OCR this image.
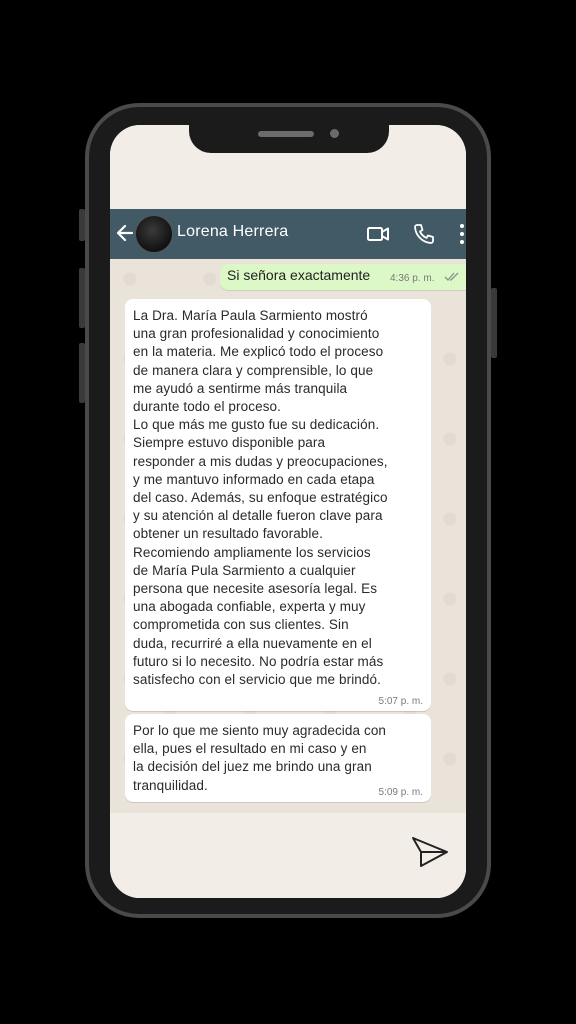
Lorena Herrera
Si señora exactamente 4:36 p. m.
La Dra. María Paula Sarmiento mostró
una gran profesionalidad y conocimiento
en la materia. Me explicó todo el proceso
de manera clara y comprensible, lo que
me ayudó a sentirme más tranquila
durante todo el proceso.
Lo que más me gusto fue su dedicación.
Siempre estuvo disponible para
responder a mis dudas y preocupaciones,
y me mantuvo informado en cada etapa
del caso. Además, su enfoque estratégico
y su atención al detalle fueron clave para
obtener un resultado favorable.
Recomiendo ampliamente los servicios
de María Pula Sarmiento a cualquier
persona que necesite asesoría legal. Es
una abogada confiable, experta y muy
comprometida con sus clientes. Sin
duda, recurriré a ella nuevamente en el
futuro si lo necesito. No podría estar más
satisfecho con el servicio que me brindó.
5:07 p. m.
Por lo que me siento muy agradecida con
ella, pues el resultado en mi caso y en
la decisión del juez me brindo una gran
tranquilidad.	5:09 p. m.
